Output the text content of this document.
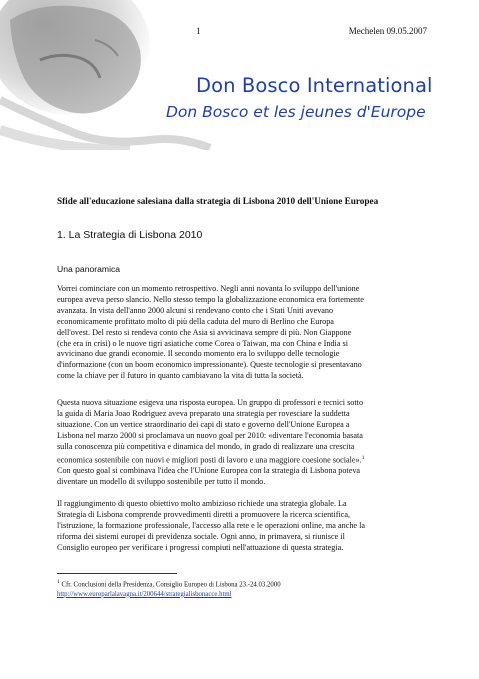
1	Mechelen 09.05.2007
Don Bosco International
Don Bosco et les jeunes d'Europe
Sfide all'educazione salesiana dalla strategia di Lisbona 2010 dell'Unione Europea
1. La Strategia di Lisbona 2010
Una panoramica
Vorrei cominciare con un momento retrospettivo. Negli anni novanta lo sviluppo dell'unione
europea aveva perso slancio. Nello stesso tempo la globalizzazione economica era fortemente
avanzata. In vista dell'anno 2000 alcuni si rendevano conto che i Stati Uniti avevano
economicamente profittato molto di più della caduta del muro di Berlino che Europa
dell'ovest. Del resto si rendeva conto che Asia si avvicinava sempre di più. Non Giappone
(che era in crisi) o le nuove tigri asiatiche come Corea o Taiwan, ma con China e India si
avvicinano due grandi economie. Il secondo momento era lo sviluppo delle tecnologie
d'informazione (con un boom economico impressionante). Queste tecnologie si presentavano
come la chiave per il futuro in quanto cambiavano la vita di tutta la società.
Questa nuova situazione esigeva una risposta europea. Un gruppo di professori e tecnici sotto
la guida di Maria Joao Rodriguez aveva preparato una strategia per rovesciare la suddetta
situazione. Con un vertice straordinario dei capi di stato e governo dell'Unione Europea a
Lisbona nel marzo 2000 si proclamava un nuovo goal per 2010: «diventare l'economia basata
sulla conoscenza più competitiva e dinamica del mondo, in grado di realizzare una crescita
economica sostenibile con nuovi e migliori posti di lavoro e una maggiore coesione sociale».$^1$
Con questo goal si combinava l'idea che l'Unione Europea con la strategia di Lisbona poteva
diventare un modello di sviluppo sostenibile per tutto il mondo.
Il raggiungimento di questo obiettivo molto ambizioso richiede una strategia globale. La
Strategia di Lisbona comprende provvedimenti diretti a promuovere la ricerca scientifica,
l'istruzione, la formazione professionale, l'accesso alla rete e le operazioni online, ma anche la
riforma dei sistemi europei di previdenza sociale. Ogni anno, in primavera, si riunisce il
Consiglio europeo per verificare i progressi compiuti nell'attuazione di questa strategia.
$^1$ Cfr. Conclusioni della Presidenza, Consiglio Europeo di Lisbona 23.-24.03.2000
http://www.europarlalavagna.it/200644/strategialisbonacce.html
